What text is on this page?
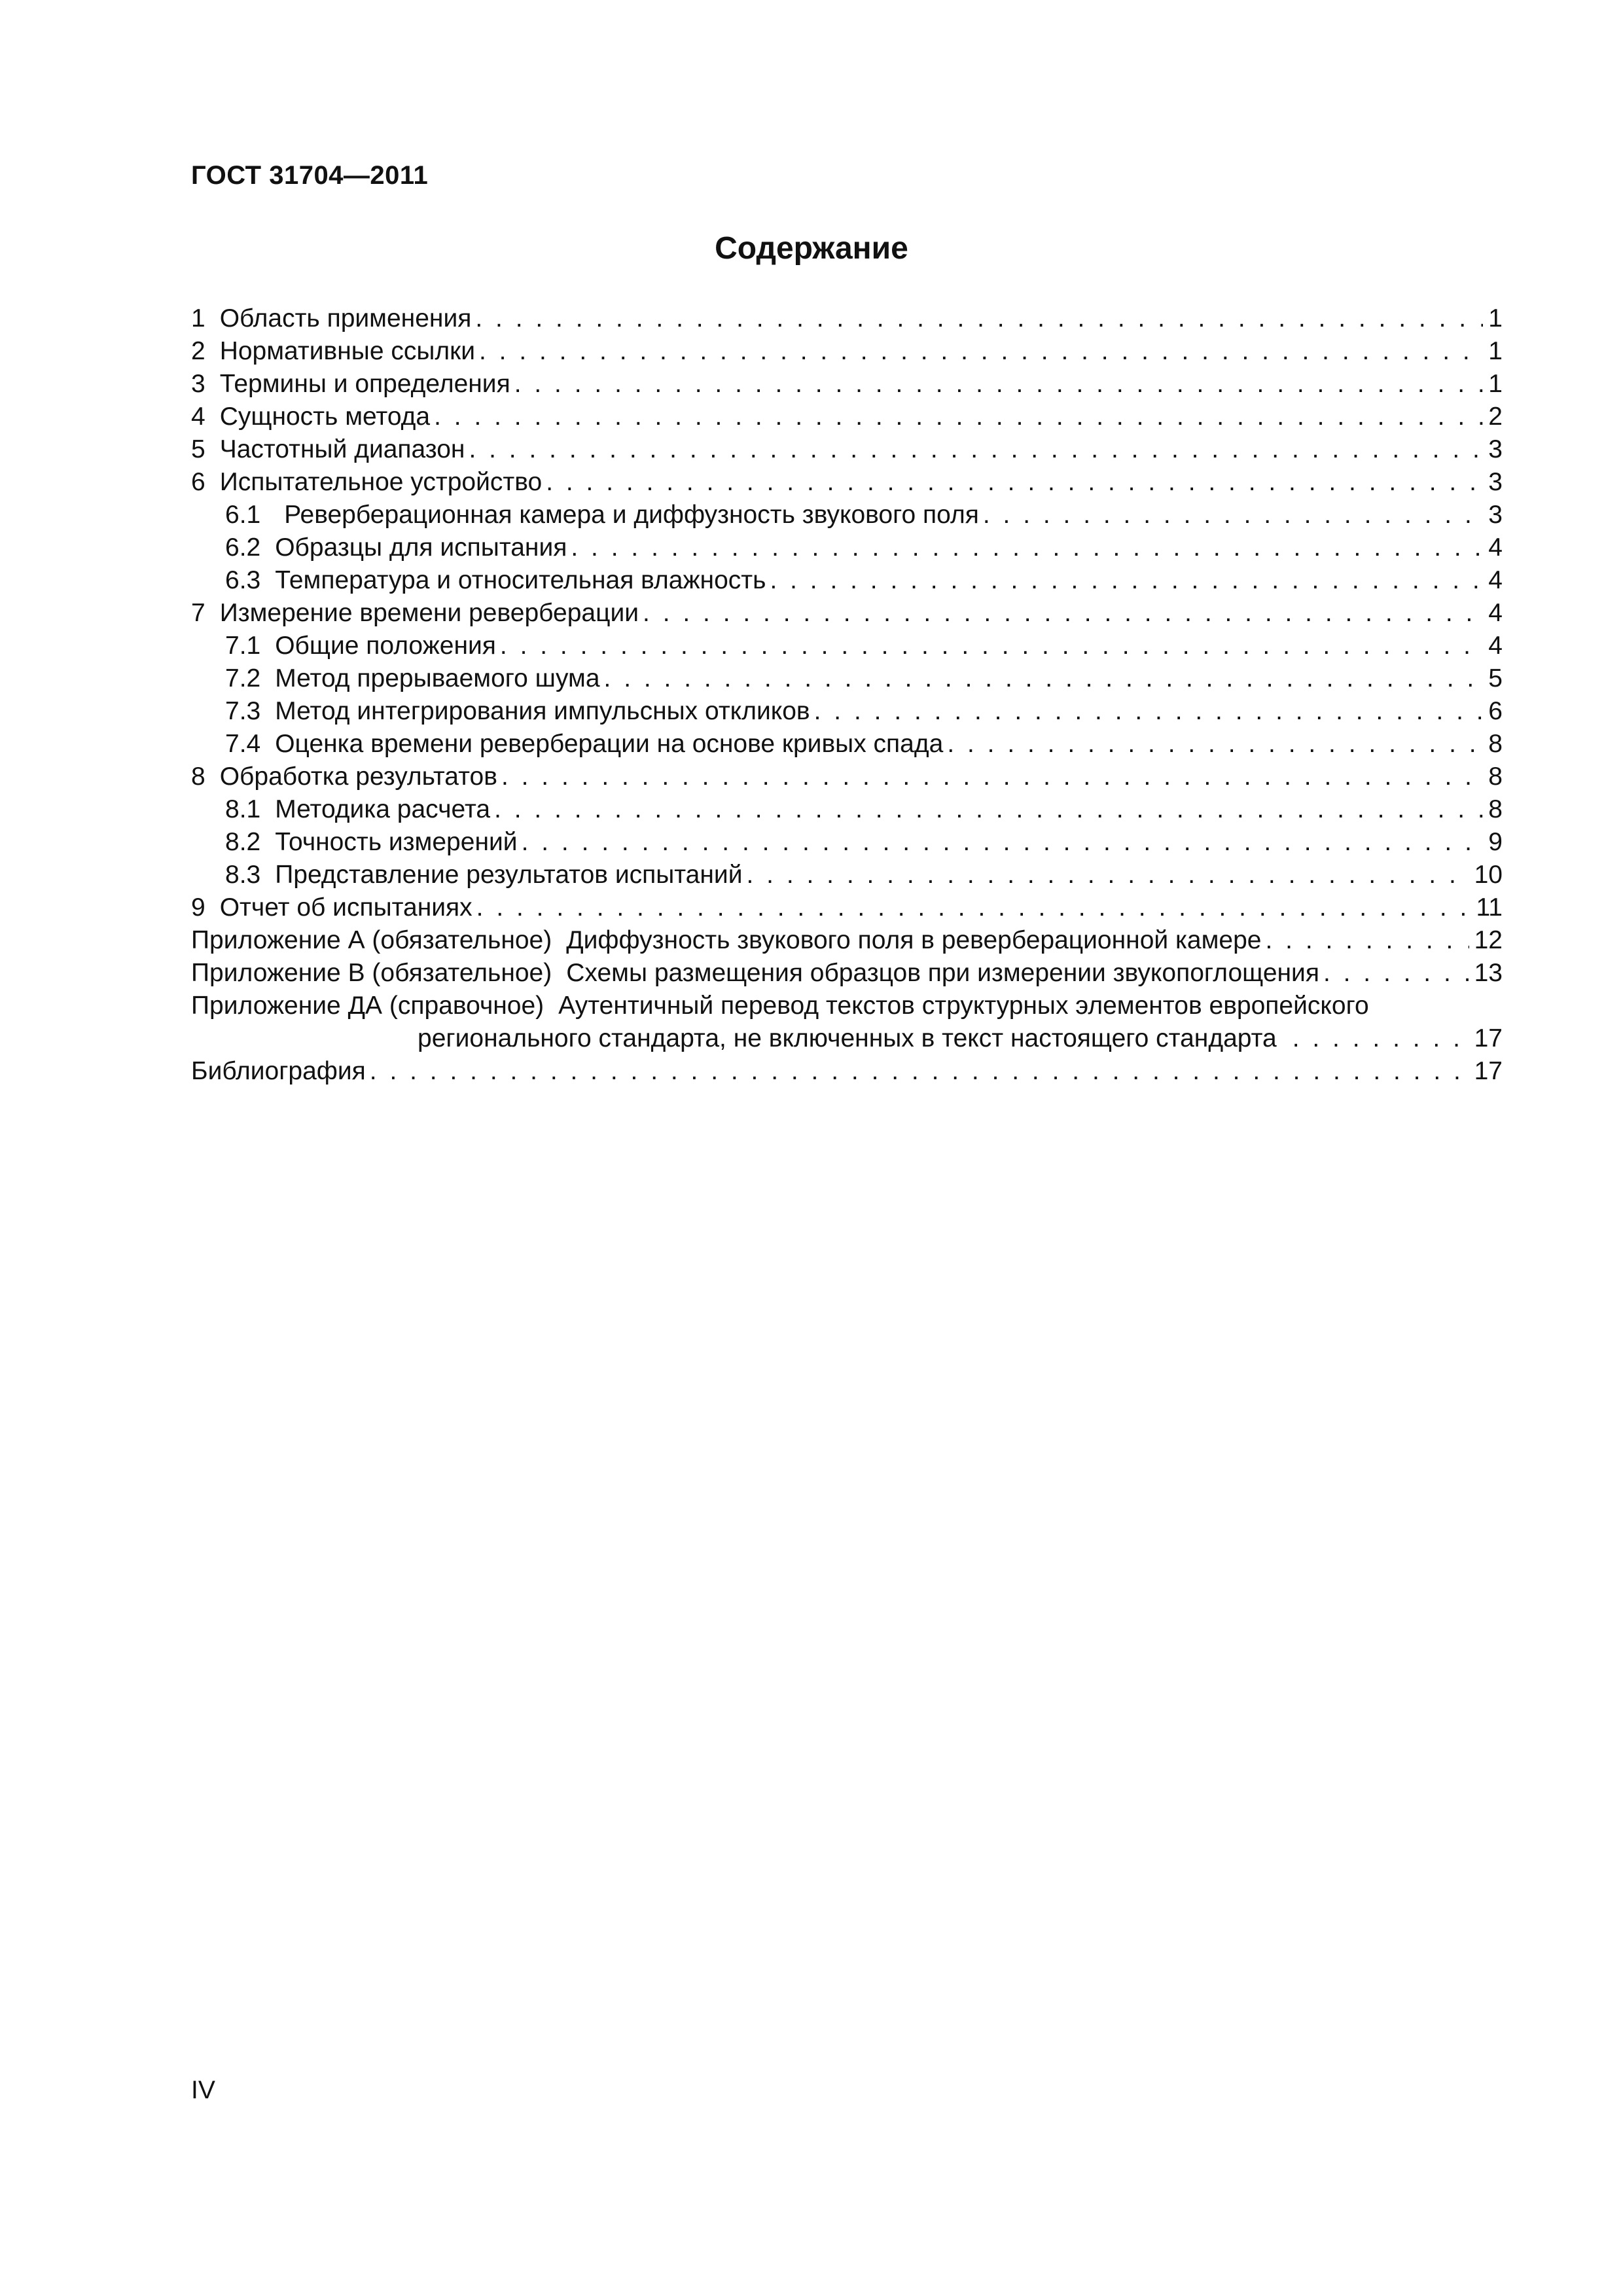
ГОСТ 31704—2011
Содержание
1 Область применения . . .	1
2 Нормативные ссылки . . .	1
3 Термины и определения . . .	1
4 Сущность метода . . .	2
5 Частотный диапазон . . .	3
6 Испытательное устройство . . .	3
6.1 Реверберационная камера и диффузность звукового поля . . .	3
6.2 Образцы для испытания . . .	4
6.3 Температура и относительная влажность . . .	4
7 Измерение времени реверберации . . .	4
7.1 Общие положения . . .	4
7.2 Метод прерываемого шума . . .	5
7.3 Метод интегрирования импульсных откликов . . .	6
7.4 Оценка времени реверберации на основе кривых спада . . .	8
8 Обработка результатов . . .	8
8.1 Методика расчета . . .	8
8.2 Точность измерений . . .	9
8.3 Представление результатов испытаний . . .	10
9 Отчет об испытаниях . . .	11
Приложение А (обязательное) Диффузность звукового поля в реверберационной камере . . .	12
Приложение В (обязательное) Схемы размещения образцов при измерении звукопоглощения . . .	13
Приложение ДА (справочное) Аутентичный перевод текстов структурных элементов европейского
регионального стандарта, не включенных в текст настоящего стандарта . . .	17
Библиография . . .	17
IV
